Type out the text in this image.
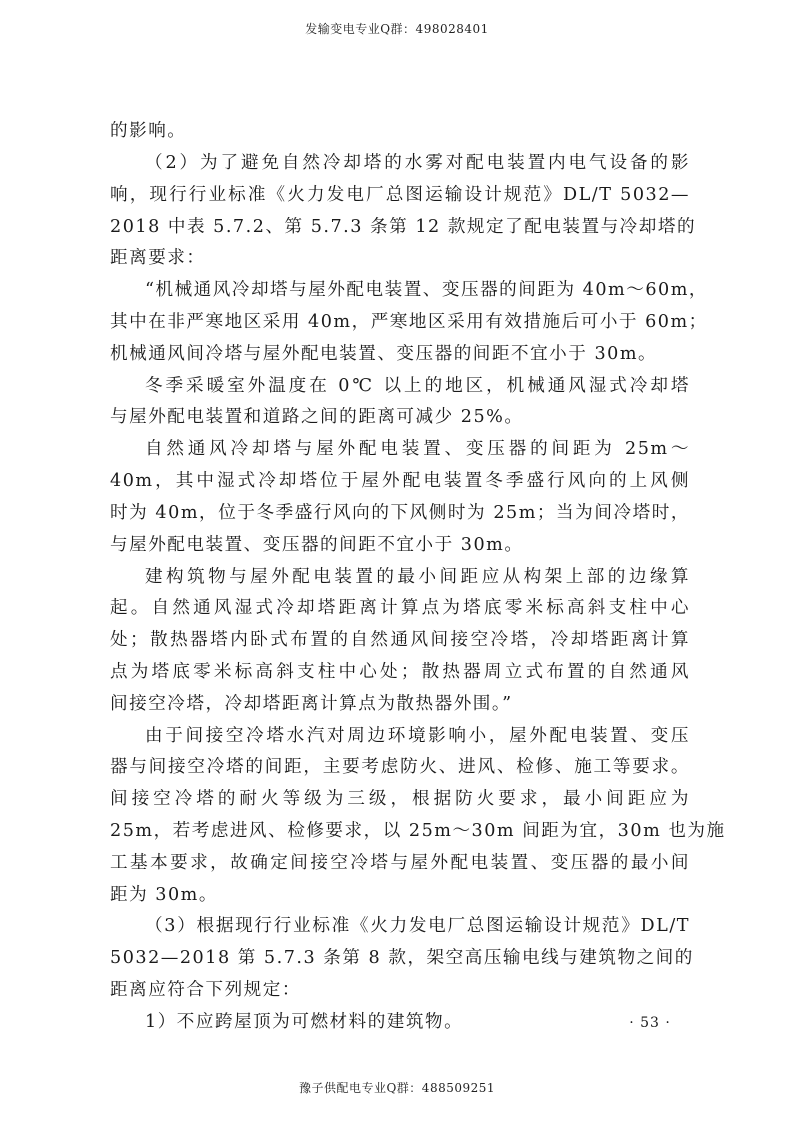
发输变电专业Q群：498028401
的影响。
（2）为了避免自然冷却塔的水雾对配电装置内电气设备的影
响，现行行业标准《火力发电厂总图运输设计规范》DL/T 5032—
2018 中表 5.7.2、第 5.7.3 条第 12 款规定了配电装置与冷却塔的
距离要求：
“机械通风冷却塔与屋外配电装置、变压器的间距为 40m～60m，
其中在非严寒地区采用 40m，严寒地区采用有效措施后可小于 60m；
机械通风间冷塔与屋外配电装置、变压器的间距不宜小于 30m。
冬季采暖室外温度在 0℃ 以上的地区，机械通风湿式冷却塔
与屋外配电装置和道路之间的距离可减少 25%。
自然通风冷却塔与屋外配电装置、变压器的间距为 25m～
40m，其中湿式冷却塔位于屋外配电装置冬季盛行风向的上风侧
时为 40m，位于冬季盛行风向的下风侧时为 25m；当为间冷塔时，
与屋外配电装置、变压器的间距不宜小于 30m。
建构筑物与屋外配电装置的最小间距应从构架上部的边缘算
起。自然通风湿式冷却塔距离计算点为塔底零米标高斜支柱中心
处；散热器塔内卧式布置的自然通风间接空冷塔，冷却塔距离计算
点为塔底零米标高斜支柱中心处；散热器周立式布置的自然通风
间接空冷塔，冷却塔距离计算点为散热器外围。”
由于间接空冷塔水汽对周边环境影响小，屋外配电装置、变压
器与间接空冷塔的间距，主要考虑防火、进风、检修、施工等要求。
间接空冷塔的耐火等级为三级，根据防火要求，最小间距应为
25m，若考虑进风、检修要求，以 25m～30m 间距为宜，30m 也为施
工基本要求，故确定间接空冷塔与屋外配电装置、变压器的最小间
距为 30m。
（3）根据现行行业标准《火力发电厂总图运输设计规范》DL/T
5032—2018 第 5.7.3 条第 8 款，架空高压输电线与建筑物之间的
距离应符合下列规定：
1）不应跨屋顶为可燃材料的建筑物。	· 53 ·
豫子供配电专业Q群：488509251
